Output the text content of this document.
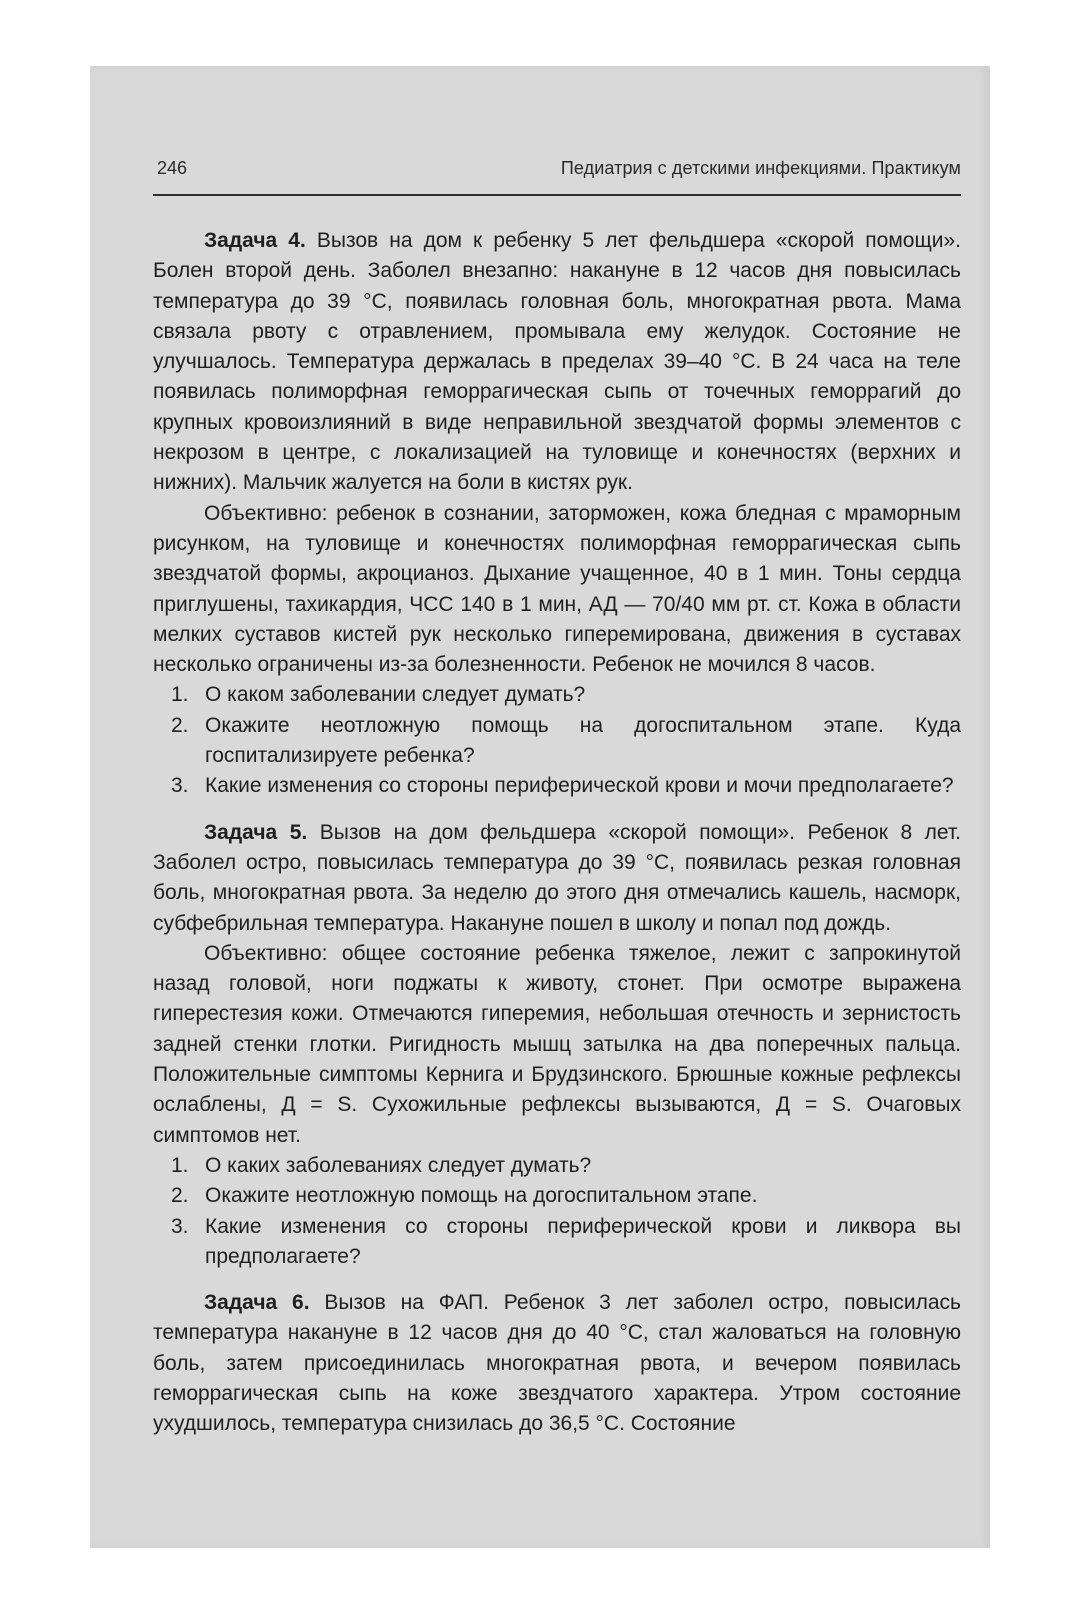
246	Педиатрия с детскими инфекциями. Практикум

Задача 4. Вызов на дом к ребенку 5 лет фельдшера «скорой помощи». Болен второй день. Заболел внезапно: накануне в 12 часов дня повысилась температура до 39 °С, появилась головная боль, многократная рвота. Мама связала рвоту с отравлением, промывала ему желудок. Состояние не улучшалось. Температура держалась в пределах 39–40 °С. В 24 часа на теле появилась полиморфная геморрагическая сыпь от точечных геморрагий до крупных кровоизлияний в виде неправильной звездчатой формы элементов с некрозом в центре, с локализацией на туловище и конечностях (верхних и нижних). Мальчик жалуется на боли в кистях рук.

Объективно: ребенок в сознании, заторможен, кожа бледная с мраморным рисунком, на туловище и конечностях полиморфная геморрагическая сыпь звездчатой формы, акроцианоз. Дыхание учащенное, 40 в 1 мин. Тоны сердца приглушены, тахикардия, ЧСС 140 в 1 мин, АД — 70/40 мм рт. ст. Кожа в области мелких суставов кистей рук несколько гиперемирована, движения в суставах несколько ограничены из-за болезненности. Ребенок не мочился 8 часов.

1. О каком заболевании следует думать?
2. Окажите неотложную помощь на догоспитальном этапе. Куда госпитализируете ребенка?
3. Какие изменения со стороны периферической крови и мочи предполагаете?

Задача 5. Вызов на дом фельдшера «скорой помощи». Ребенок 8 лет. Заболел остро, повысилась температура до 39 °С, появилась резкая головная боль, многократная рвота. За неделю до этого дня отмечались кашель, насморк, субфебрильная температура. Накануне пошел в школу и попал под дождь.

Объективно: общее состояние ребенка тяжелое, лежит с запрокинутой назад головой, ноги поджаты к животу, стонет. При осмотре выражена гиперестезия кожи. Отмечаются гиперемия, небольшая отечность и зернистость задней стенки глотки. Ригидность мышц затылка на два поперечных пальца. Положительные симптомы Кернига и Брудзинского. Брюшные кожные рефлексы ослаблены, Д = S. Сухожильные рефлексы вызываются, Д = S. Очаговых симптомов нет.

1. О каких заболеваниях следует думать?
2. Окажите неотложную помощь на догоспитальном этапе.
3. Какие изменения со стороны периферической крови и ликвора вы предполагаете?

Задача 6. Вызов на ФАП. Ребенок 3 лет заболел остро, повысилась температура накануне в 12 часов дня до 40 °С, стал жаловаться на головную боль, затем присоединилась многократная рвота, и вечером появилась геморрагическая сыпь на коже звездчатого характера. Утром состояние ухудшилось, температура снизилась до 36,5 °С. Состояние
